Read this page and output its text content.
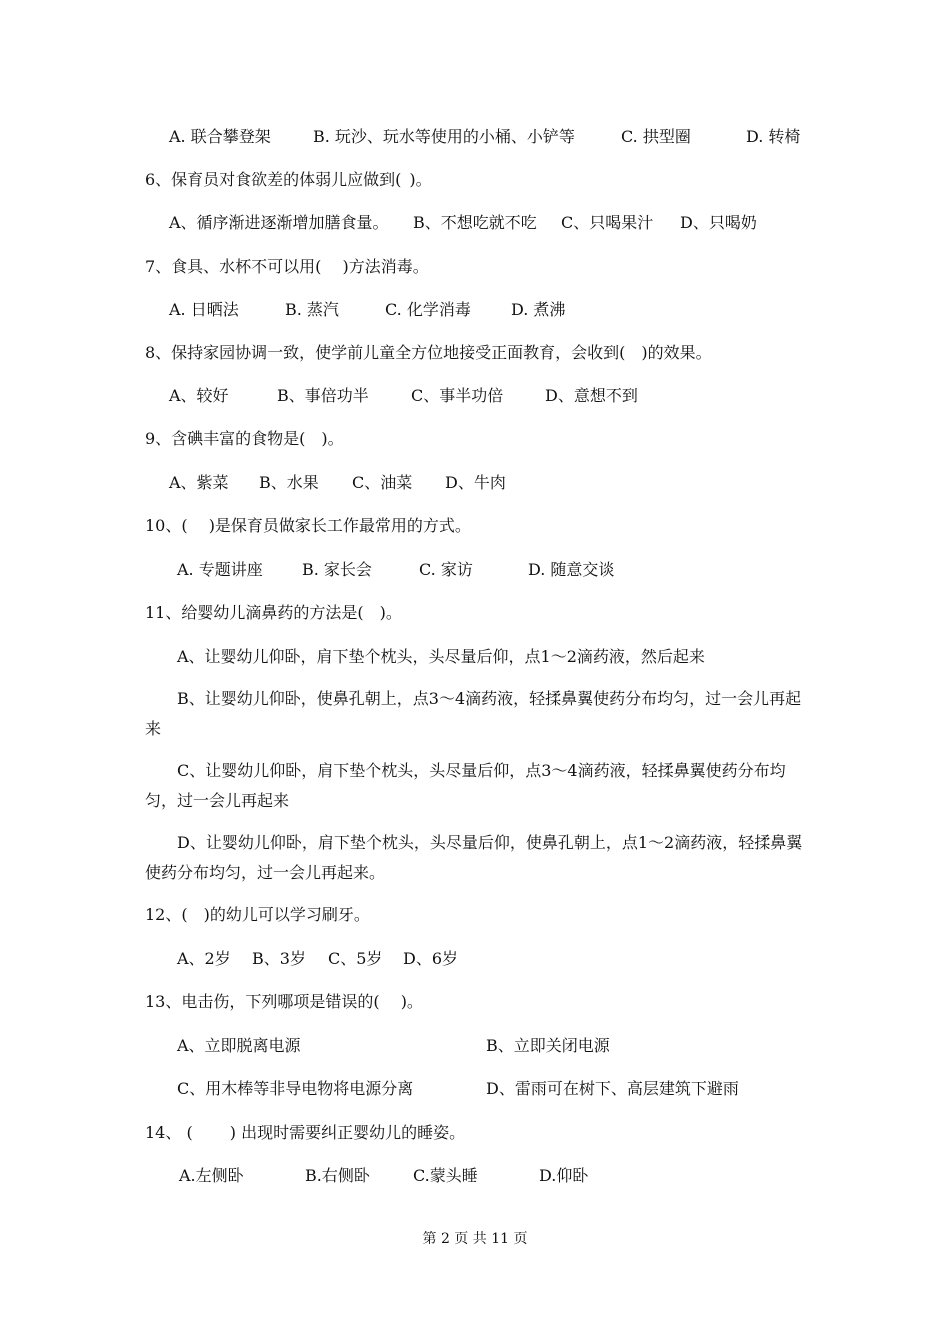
A. 联合攀登架	B. 玩沙、玩水等使用的小桶、小铲等	C. 拱型圈	D. 转椅
6、保育员对食欲差的体弱儿应做到( )。
A、循序渐进逐渐增加膳食量。 B、不想吃就不吃 C、只喝果汁 D、只喝奶
7、食具、水杯不可以用(  )方法消毒。
A. 日晒法	B. 蒸汽	C. 化学消毒	D. 煮沸
8、保持家园协调一致，使学前儿童全方位地接受正面教育，会收到( )的效果。
A、较好	B、事倍功半	C、事半功倍	D、意想不到
9、含碘丰富的食物是( )。
A、紫菜 B、水果 C、油菜 D、牛肉
10、(  )是保育员做家长工作最常用的方式。
A. 专题讲座 B. 家长会	C. 家访	D. 随意交谈
11、给婴幼儿滴鼻药的方法是( )。
A、让婴幼儿仰卧，肩下垫个枕头，头尽量后仰，点1～2滴药液，然后起来
B、让婴幼儿仰卧，使鼻孔朝上，点3～4滴药液，轻揉鼻翼使药分布均匀，过一会儿再起来
C、让婴幼儿仰卧，肩下垫个枕头，头尽量后仰，点3～4滴药液，轻揉鼻翼使药分布均匀，过一会儿再起来
D、让婴幼儿仰卧，肩下垫个枕头，头尽量后仰，使鼻孔朝上，点1～2滴药液，轻揉鼻翼使药分布均匀，过一会儿再起来。
12、( )的幼儿可以学习刷牙。
A、2岁 B、3岁 C、5岁 D、6岁
13、电击伤，下列哪项是错误的(  )。
A、立即脱离电源	B、立即关闭电源
C、用木棒等非导电物将电源分离	D、雷雨可在树下、高层建筑下避雨
14、 (   ) 出现时需要纠正婴幼儿的睡姿。
A.左侧卧	B.右侧卧	C.蒙头睡	D.仰卧
第 2 页 共 11 页
